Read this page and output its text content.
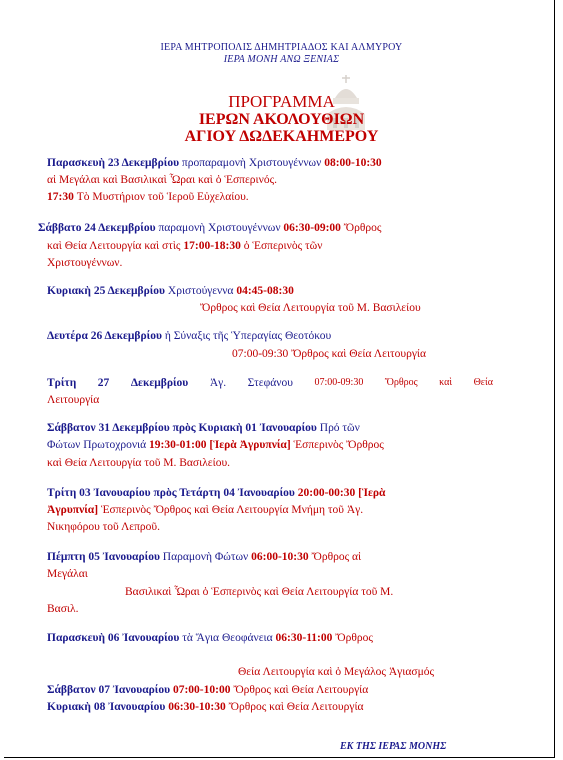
ΙΕΡΑ ΜΗΤΡΟΠΟΛΙΣ ΔΗΜΗΤΡΙΑΔΟΣ ΚΑΙ ΑΛΜΥΡΟΥ
ΙΕΡΑ ΜΟΝΗ ΑΝΩ ΞΕΝΙΑΣ
ΠΡΟΓΡΑΜΜΑ
ΙΕΡΩΝ ΑΚΟΛΟΥΘΙΩΝ
ΑΓΙΟΥ ΔΩΔΕΚΑΗΜΕΡΟΥ
Παρασκευὴ 23 Δεκεμβρίου προπαραμονὴ Χριστουγέννων 08:00-10:30
αἱ Μεγάλαι καὶ Βασιλικαὶ Ὧραι καὶ ὁ Ἑσπερινός.
17:30 Τὸ Μυστήριον τοῦ Ἱεροῦ Εὐχελαίου.
Σάββατο 24 Δεκεμβρίου παραμονὴ Χριστουγέννων 06:30-09:00 Ὄρθρος
καὶ Θεία Λειτουργία καὶ στὶς 17:00-18:30 ὁ Ἑσπερινὸς τῶν
Χριστουγέννων.
Κυριακὴ 25 Δεκεμβρίου Χριστούγεννα 04:45-08:30
Ὄρθρος καὶ Θεία Λειτουργία τοῦ Μ. Βασιλείου
Δευτέρα 26 Δεκεμβρίου ἡ Σύναξις τῆς Ὑπεραγίας Θεοτόκου
07:00-09:30 Ὄρθρος καὶ Θεία Λειτουργία
Τρίτη 27 Δεκεμβρίου Ἀγ. Στεφάνου 07:00-09:30 Ὄρθρος καὶ Θεία
Λειτουργία
Σάββατον 31 Δεκεμβρίου πρὸς Κυριακὴ 01 Ἰανουαρίου Πρό τῶν
Φώτων Πρωτοχρονιά 19:30-01:00 [Ἱερὰ Ἀγρυπνία] Ἑσπερινὸς Ὄρθρος
καὶ Θεία Λειτουργία τοῦ Μ. Βασιλείου.
Τρίτη 03 Ἰανουαρίου πρὸς Τετάρτη 04 Ἰανουαρίου 20:00-00:30 [Ἱερὰ
Ἀγρυπνία] Ἑσπερινὸς Ὄρθρος καὶ Θεία Λειτουργία Μνήμη τοῦ Ἁγ.
Νικηφόρου τοῦ Λεπροῦ.
Πέμπτη 05 Ἰανουαρίου Παραμονὴ Φώτων 06:00-10:30 Ὄρθρος αἱ
Μεγάλαι
Βασιλικαὶ Ὧραι ὁ Ἑσπερινὸς καὶ Θεία Λειτουργία τοῦ Μ.
Βασιλ.
Παρασκευὴ 06 Ἰανουαρίου τὰ Ἅγια Θεοφάνεια 06:30-11:00 Ὄρθρος
Θεία Λειτουργία καὶ ὁ Μεγάλος Ἁγιασμός
Σάββατον 07 Ἰανουαρίου 07:00-10:00 Ὄρθρος καὶ Θεία Λειτουργία
Κυριακὴ 08 Ἰανουαρίου 06:30-10:30 Ὄρθρος καὶ Θεία Λειτουργία
ΕΚ ΤΗΣ ΙΕΡΑΣ ΜΟΝΗΣ
